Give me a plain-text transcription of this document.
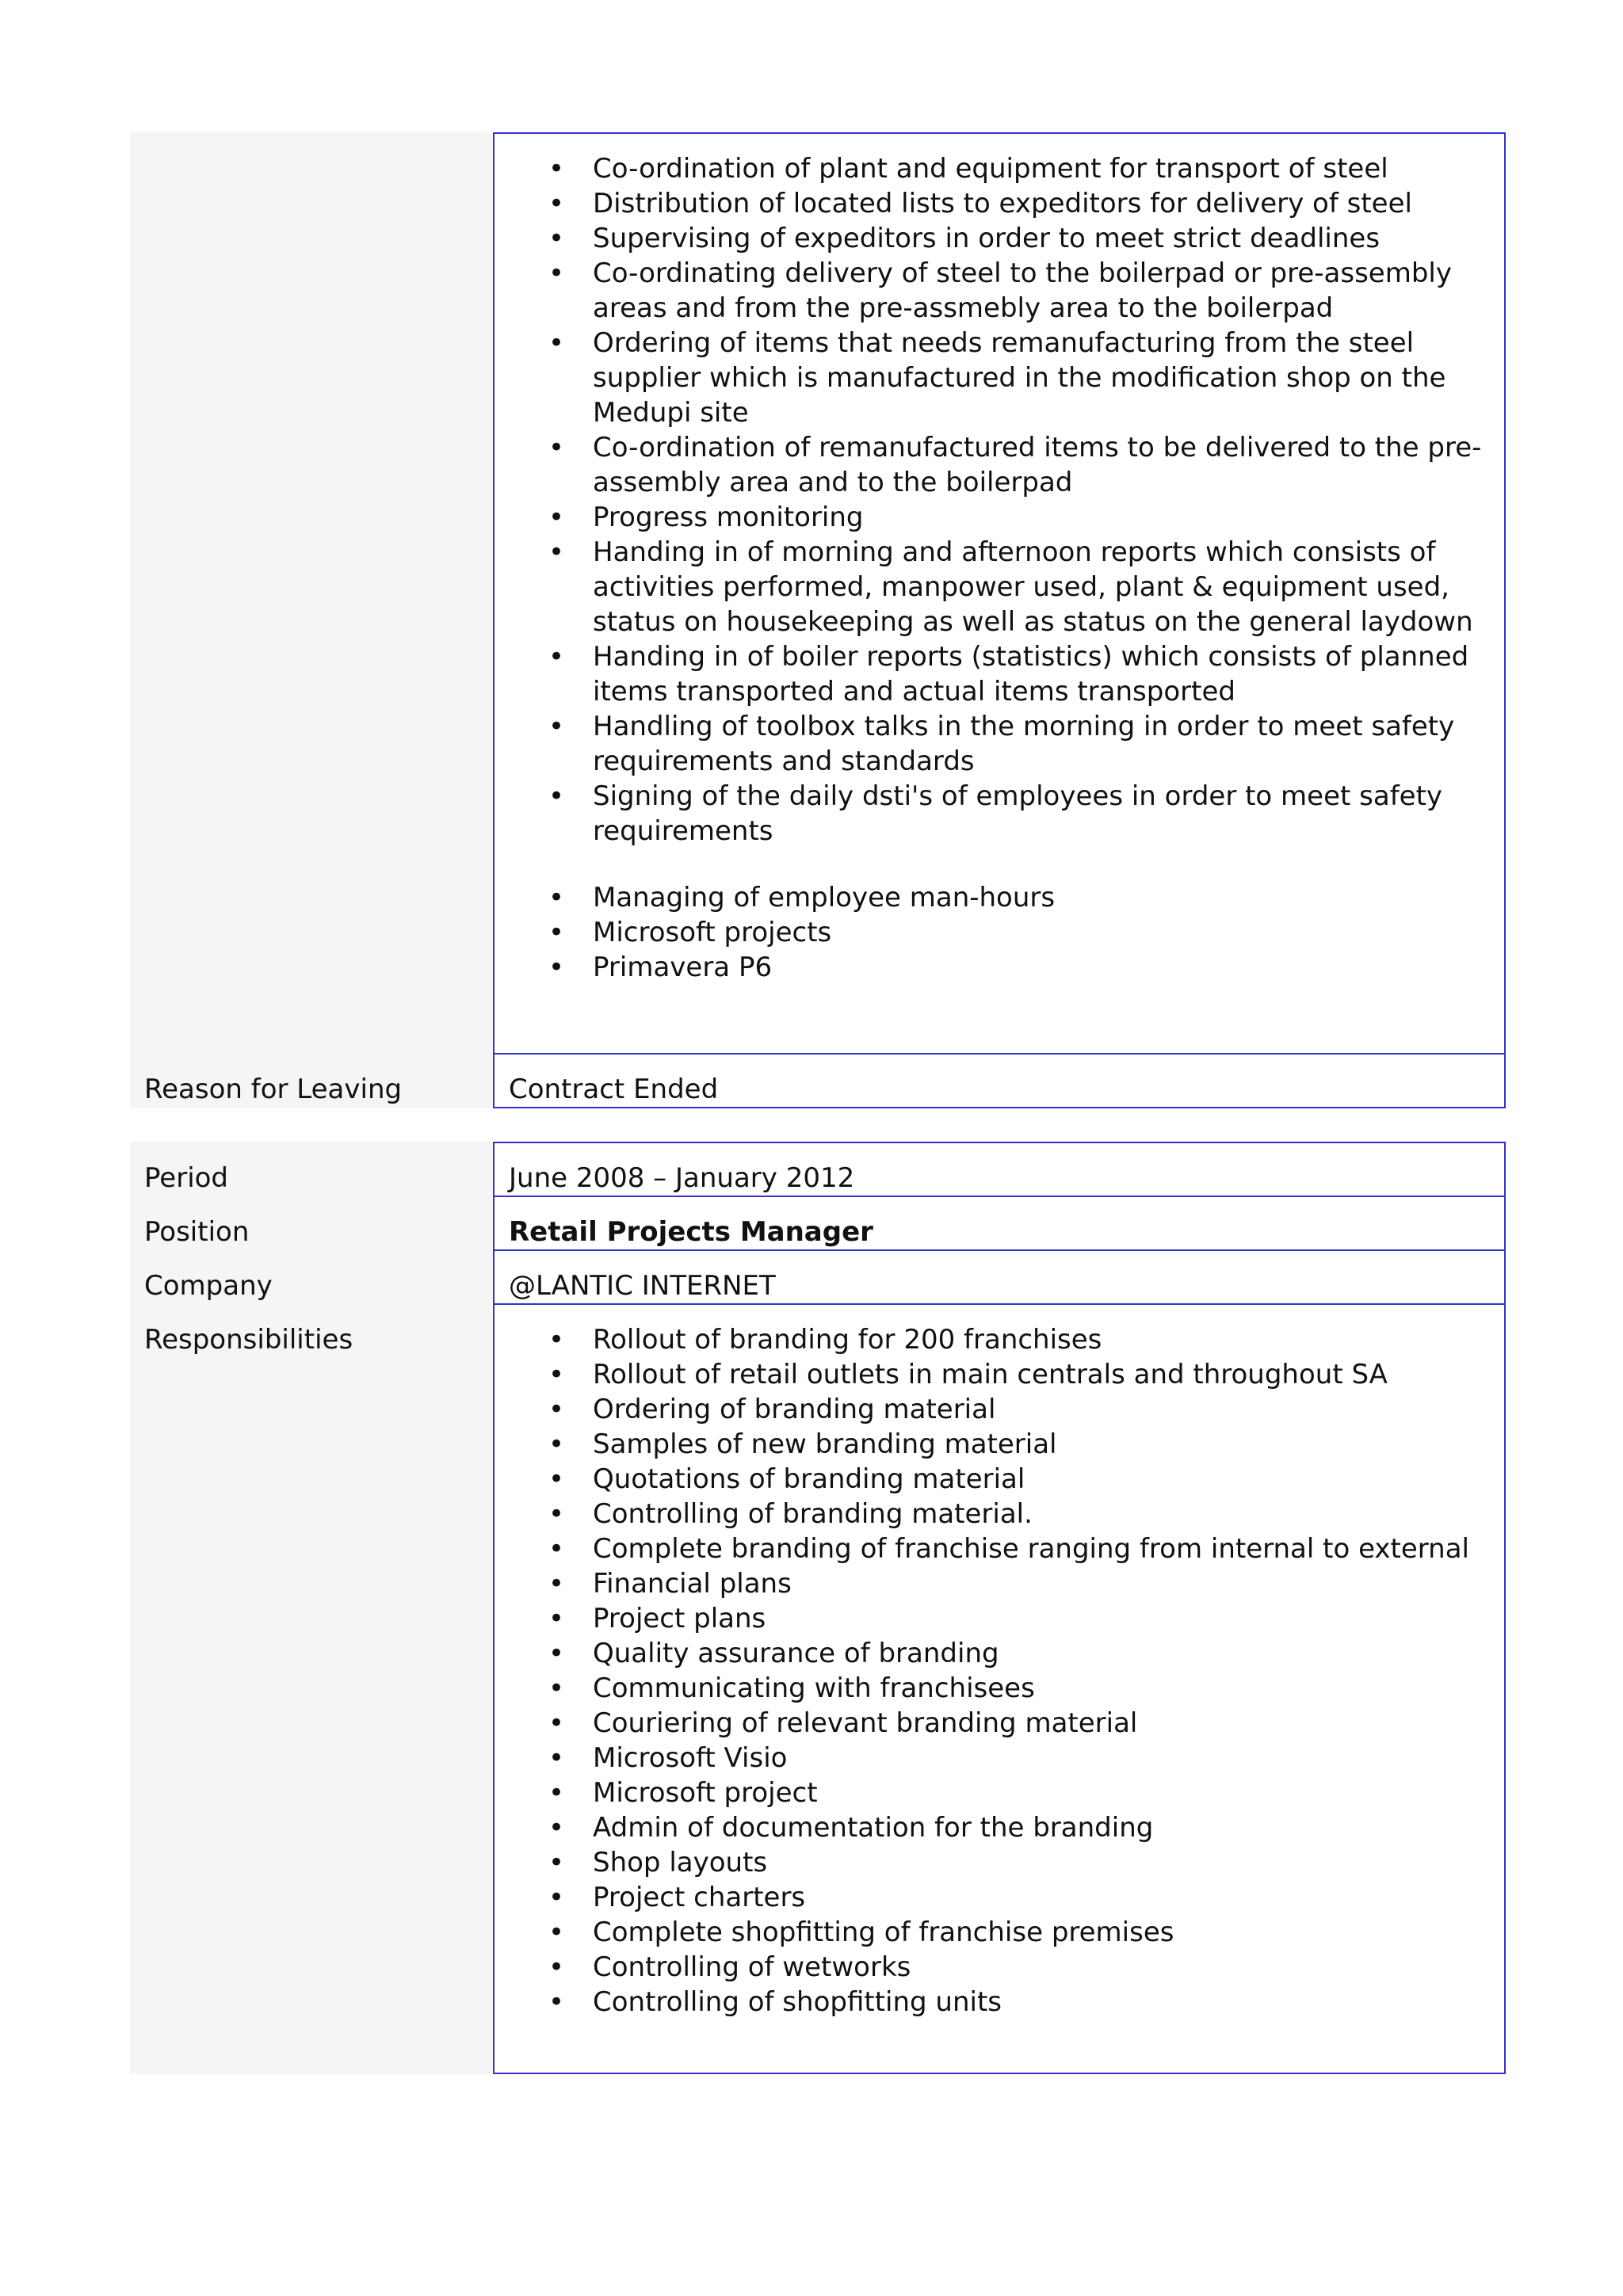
• Co-ordination of plant and equipment for transport of steel
• Distribution of located lists to expeditors for delivery of steel
• Supervising of expeditors in order to meet strict deadlines
• Co-ordinating delivery of steel to the boilerpad or pre-assembly areas and from the pre-assmebly area to the boilerpad
• Ordering of items that needs remanufacturing from the steel supplier which is manufactured in the modification shop on the Medupi site
• Co-ordination of remanufactured items to be delivered to the pre-assembly area and to the boilerpad
• Progress monitoring
• Handing in of morning and afternoon reports which consists of activities performed, manpower used, plant & equipment used, status on housekeeping as well as status on the general laydown
• Handing in of boiler reports (statistics) which consists of planned items transported and actual items transported
• Handling of toolbox talks in the morning in order to meet safety requirements and standards
• Signing of the daily dsti's of employees in order to meet safety requirements
• Managing of employee man-hours
• Microsoft projects
• Primavera P6
Reason for Leaving	Contract Ended
Period	June 2008 – January 2012
Position	Retail Projects Manager
Company	@LANTIC INTERNET
Responsibilities
•	Rollout of branding for 200 franchises
• Rollout of retail outlets in main centrals and throughout SA
• Ordering of branding material
• Samples of new branding material
• Quotations of branding material
• Controlling of branding material.
• Complete branding of franchise ranging from internal to external
• Financial plans
• Project plans
• Quality assurance of branding
• Communicating with franchisees
• Couriering of relevant branding material
• Microsoft Visio
• Microsoft project
• Admin of documentation for the branding
• Shop layouts
• Project charters
• Complete shopfitting of franchise premises
• Controlling of wetworks
• Controlling of shopfitting units
